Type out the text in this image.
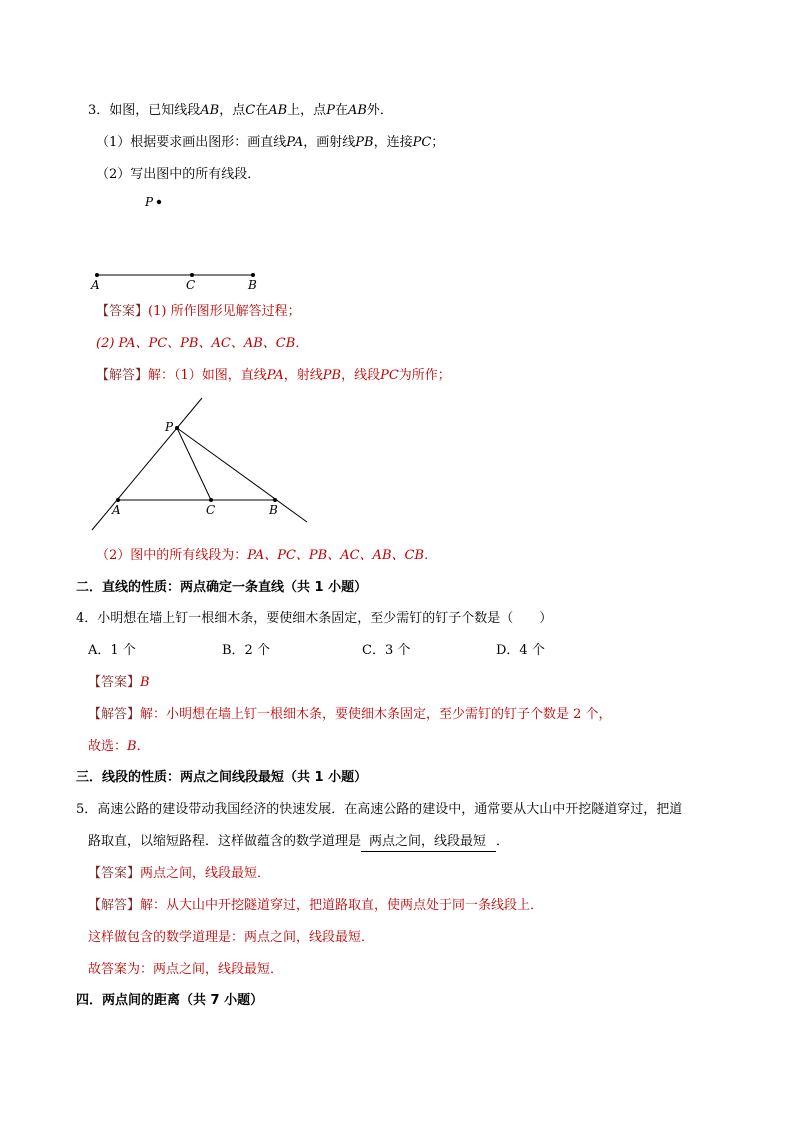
3．如图，已知线段AB，点C在AB上，点P在AB外．
（1）根据要求画出图形：画直线PA，画射线PB，连接PC；
（2）写出图中的所有线段．
P
A	C	B
【答案】(1) 所作图形见解答过程；
(2) PA、PC、PB、AC、AB、CB．
【解答】解：（1）如图，直线PA，射线PB，线段PC为所作；
P
A	C	B
（2）图中的所有线段为：PA、PC、PB、AC、AB、CB．
二．直线的性质：两点确定一条直线（共 1 小题）
4．小明想在墙上钉一根细木条，要使细木条固定，至少需钉的钉子个数是（　　）
A．1 个	B．2 个	C．3 个	D．4 个
【答案】B
【解答】解：小明想在墙上钉一根细木条，要使细木条固定，至少需钉的钉子个数是 2 个，
故选：B．
三．线段的性质：两点之间线段最短（共 1 小题）
5．高速公路的建设带动我国经济的快速发展．在高速公路的建设中，通常要从大山中开挖隧道穿过，把道
路取直，以缩短路程．这样做蕴含的数学道理是 两点之间，线段最短 ．
【答案】两点之间，线段最短．
【解答】解：从大山中开挖隧道穿过，把道路取直，使两点处于同一条线段上．
这样做包含的数学道理是：两点之间，线段最短．
故答案为：两点之间，线段最短．
四．两点间的距离（共 7 小题）
